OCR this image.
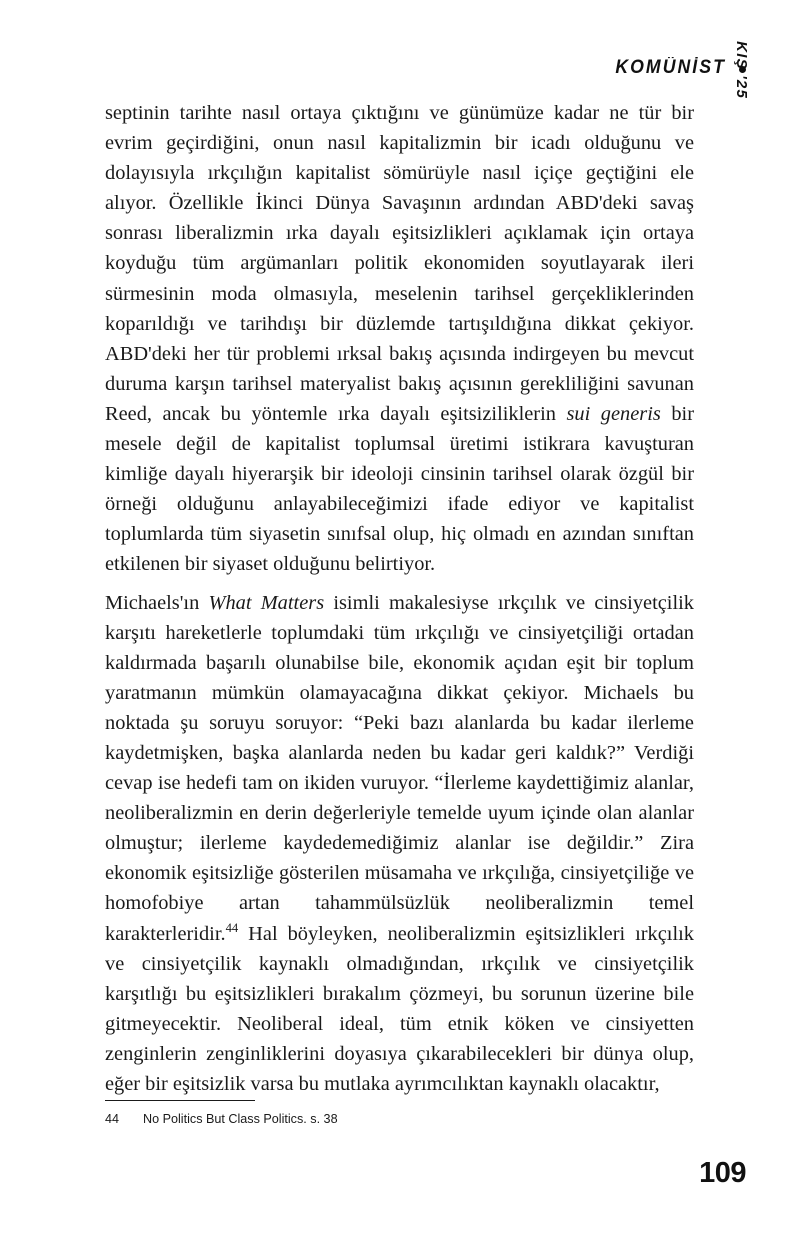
KOMÜNİST KIŞ '25

septinin tarihte nasıl ortaya çıktığını ve günümüze kadar ne tür bir evrim geçirdiğini, onun nasıl kapitalizmin bir icadı olduğunu ve dolayısıyla ırkçılığın kapitalist sömürüyle nasıl içiçe geçtiğini ele alıyor. Özellikle İkinci Dünya Savaşının ardından ABD'deki savaş sonrası liberalizmin ırka dayalı eşitsizlikleri açıklamak için ortaya koyduğu tüm argümanları politik ekonomiden soyutlayarak ileri sürmesinin moda olmasıyla, meselenin tarihsel gerçekliklerinden koparıldığı ve tarihdışı bir düzlemde tartışıldığına dikkat çekiyor. ABD'deki her tür problemi ırksal bakış açısında indirgeyen bu mevcut duruma karşın tarihsel materyalist bakış açısının gerekliliğini savunan Reed, ancak bu yöntemle ırka dayalı eşitsiziliklerin sui generis bir mesele değil de kapitalist toplumsal üretimi istikrara kavuşturan kimliğe dayalı hiyerarşik bir ideoloji cinsinin tarihsel olarak özgül bir örneği olduğunu anlayabileceğimizi ifade ediyor ve kapitalist toplumlarda tüm siyasetin sınıfsal olup, hiç olmadı en azından sınıftan etkilenen bir siyaset olduğunu belirtiyor.

Michaels'ın What Matters isimli makalesiyse ırkçılık ve cinsiyetçilik karşıtı hareketlerle toplumdaki tüm ırkçılığı ve cinsiyetçiliği ortadan kaldırmada başarılı olunabilse bile, ekonomik açıdan eşit bir toplum yaratmanın mümkün olamayacağına dikkat çekiyor. Michaels bu noktada şu soruyu soruyor: “Peki bazı alanlarda bu kadar ilerleme kaydetmişken, başka alanlarda neden bu kadar geri kaldık?” Verdiği cevap ise hedefi tam on ikiden vuruyor. “İlerleme kaydettiğimiz alanlar, neoliberalizmin en derin değerleriyle temelde uyum içinde olan alanlar olmuştur; ilerleme kaydedemediğimiz alanlar ise değildir.” Zira ekonomik eşitsizliğe gösterilen müsamaha ve ırkçılığa, cinsiyetçiliğe ve homofobiye artan tahammülsüzlük neoliberalizmin temel karakterleridir.$^{44}$ Hal böyleyken, neoliberalizmin eşitsizlikleri ırkçılık ve cinsiyetçilik kaynaklı olmadığından, ırkçılık ve cinsiyetçilik karşıtlığı bu eşitsizlikleri bırakalım çözmeyi, bu sorunun üzerine bile gitmeyecektir. Neoliberal ideal, tüm etnik köken ve cinsiyetten zenginlerin zenginliklerini doyasıya çıkarabilecekleri bir dünya olup, eğer bir eşitsizlik varsa bu mutlaka ayrımcılıktan kaynaklı olacaktır,

44	No Politics But Class Politics. s. 38
109
